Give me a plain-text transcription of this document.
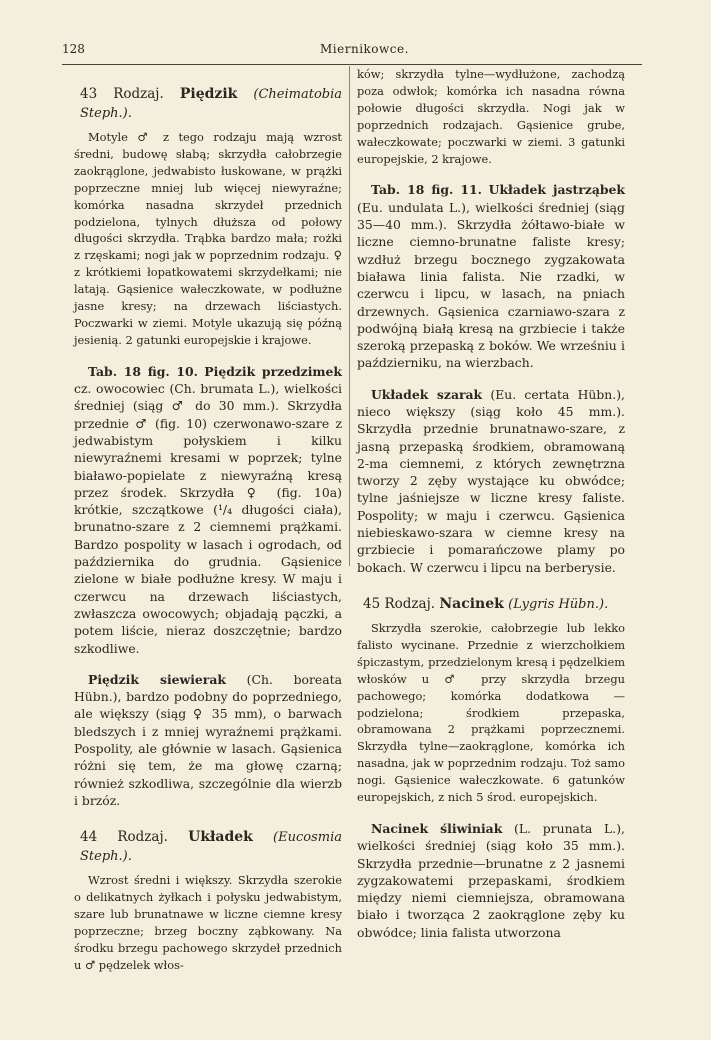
128	Miernikowce.

43 Rodzaj. Piędzik (Cheimatobia Steph.).

Motyle ♂ z tego rodzaju mają wzrost średni, budowę słabą; skrzydła całobrzegie zaokrąglone, jedwabisto łuskowane, w prążki poprzeczne mniej lub więcej niewyraźne; komórka nasadna skrzydeł przednich podzielona, tylnych dłuższa od połowy długości skrzydła. Trąbka bardzo mała; rożki z rzęskami; nogi jak w poprzednim rodzaju. ♀ z krótkiemi łopatkowatemi skrzydełkami; nie latają. Gąsienice wałeczkowate, w podłużne jasne kresy; na drzewach liściastych. Poczwarki w ziemi. Motyle ukazują się późną jesienią. 2 gatunki europejskie i krajowe.

Tab. 18 fig. 10. Piędzik przedzimek cz. owocowiec (Ch. brumata L.), wielkości średniej (siąg ♂ do 30 mm.). Skrzydła przednie ♂ (fig. 10) czerwonawo-szare z jedwabistym połyskiem i kilku niewyraźnemi kresami w poprzek; tylne białawo-popielate z niewyraźną kresą przez środek. Skrzydła ♀ (fig. 10a) krótkie, szczątkowe (¹/₄ długości ciała), brunatno-szare z 2 ciemnemi prążkami. Bardzo pospolity w lasach i ogrodach, od października do grudnia. Gąsienice zielone w białe podłużne kresy. W maju i czerwcu na drzewach liściastych, zwłaszcza owocowych; objadają pączki, a potem liście, nieraz doszczętnie; bardzo szkodliwe.

Piędzik siewierak (Ch. boreata Hübn.), bardzo podobny do poprzedniego, ale większy (siąg ♀ 35 mm), o barwach bledszych i z mniej wyraźnemi prążkami. Pospolity, ale głównie w lasach. Gąsienica różni się tem, że ma głowę czarną; również szkodliwa, szczególnie dla wierzb i brzóz.

44 Rodzaj. Układek (Eucosmia Steph.).

Wzrost średni i większy. Skrzydła szerokie o delikatnych żyłkach i połysku jedwabistym, szare lub brunatnawe w liczne ciemne kresy poprzeczne; brzeg boczny ząbkowany. Na środku brzegu pachowego skrzydeł przednich u ♂ pędzelek włos-

ków; skrzydła tylne—wydłużone, zachodzą poza odwłok; komórka ich nasadna równa połowie długości skrzydła. Nogi jak w poprzednich rodzajach. Gąsienice grube, wałeczkowate; poczwarki w ziemi. 3 gatunki europejskie, 2 krajowe.

Tab. 18 fig. 11. Układek jastrząbek (Eu. undulata L.), wielkości średniej (siąg 35—40 mm.). Skrzydła żółtawo-białe w liczne ciemno-brunatne faliste kresy; wzdłuż brzegu bocznego zygzakowata biaława linia falista. Nie rzadki, w czerwcu i lipcu, w lasach, na pniach drzewnych. Gąsienica czarniawo-szara z podwójną białą kresą na grzbiecie i także szeroką przepaską z boków. We wrześniu i październiku, na wierzbach.

Układek szarak (Eu. certata Hübn.), nieco większy (siąg koło 45 mm.). Skrzydła przednie brunatnawo-szare, z jasną przepaską środkiem, obramowaną 2-ma ciemnemi, z których zewnętrzna tworzy 2 zęby wystające ku obwódce; tylne jaśniejsze w liczne kresy faliste. Pospolity; w maju i czerwcu. Gąsienica niebieskawo-szara w ciemne kresy na grzbiecie i pomarańczowe plamy po bokach. W czerwcu i lipcu na berberysie.

45 Rodzaj. Nacinek (Lygris Hübn.).

Skrzydła szerokie, całobrzegie lub lekko falisto wycinane. Przednie z wierzchołkiem śpiczastym, przedzielonym kresą i pędzelkiem włosków u ♂ przy skrzydła brzegu pachowego; komórka dodatkowa — podzielona; środkiem przepaska, obramowana 2 prążkami poprzecznemi. Skrzydła tylne—zaokrąglone, komórka ich nasadna, jak w poprzednim rodzaju. Toż samo nogi. Gąsienice wałeczkowate. 6 gatunków europejskich, z nich 5 środ. europejskich.

Nacinek śliwiniak (L. prunata L.), wielkości średniej (siąg koło 35 mm.). Skrzydła przednie—brunatne z 2 jasnemi zygzakowatemi przepaskami, środkiem między niemi ciemniejsza, obramowana biało i tworząca 2 zaokrąglone zęby ku obwódce; linia falista utworzona
